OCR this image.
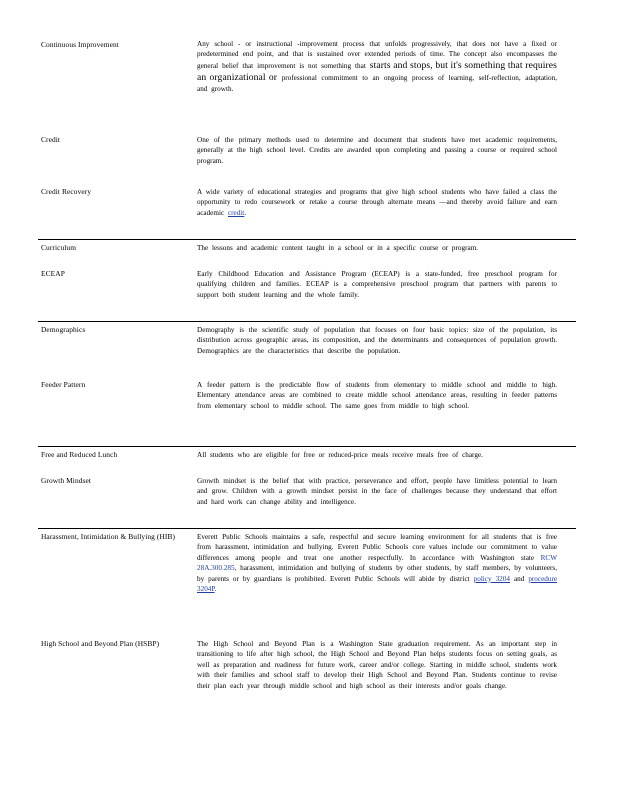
Continuous Improvement	Any school - or instructional -improvement process that unfolds progressively, that does not have a fixed or predetermined end point, and that is sustained over extended periods of time. The concept also encompasses the general belief that improvement is not something that starts and stops, but it's something that requires an organizational or professional commitment to an ongoing process of learning, self-reflection, adaptation, and growth.
Credit	One of the primary methods used to determine and document that students have met academic requirements, generally at the high school level. Credits are awarded upon completing and passing a course or required school program.
Credit Recovery	A wide variety of educational strategies and programs that give high school students who have failed a class the opportunity to redo coursework or retake a course through alternate means —and thereby avoid failure and earn academic credit.
Curriculum	The lessons and academic content taught in a school or in a specific course or program.
ECEAP	Early Childhood Education and Assistance Program (ECEAP) is a state-funded, free preschool program for qualifying children and families. ECEAP is a comprehensive preschool program that partners with parents to support both student learning and the whole family.
Demographics	Demography is the scientific study of population that focuses on four basic topics: size of the population, its distribution across geographic areas, its composition, and the determinants and consequences of population growth. Demographics are the characteristics that describe the population.
Feeder Pattern	A feeder pattern is the predictable flow of students from elementary to middle school and middle to high. Elementary attendance areas are combined to create middle school attendance areas, resulting in feeder patterns from elementary school to middle school. The same goes from middle to high school.
Free and Reduced Lunch	All students who are eligible for free or reduced-price meals receive meals free of charge.
Growth Mindset	Growth mindset is the belief that with practice, perseverance and effort, people have limitless potential to learn and grow. Children with a growth mindset persist in the face of challenges because they understand that effort and hard work can change ability and intelligence.
Harassment, Intimidation & Bullying (HIB)	Everett Public Schools maintains a safe, respectful and secure learning environment for all students that is free from harassment, intimidation and bullying. Everett Public Schools core values include our commitment to value differences among people and treat one another respectfully. In accordance with Washington state RCW 28A.300.285, harassment, intimidation and bullying of students by other students, by staff members, by volunteers, by parents or by guardians is prohibited. Everett Public Schools will abide by district policy 3204 and procedure 3204P.
High School and Beyond Plan (HSBP)	The High School and Beyond Plan is a Washington State graduation requirement. As an important step in transitioning to life after high school, the High School and Beyond Plan helps students focus on setting goals, as well as preparation and readiness for future work, career and/or college. Starting in middle school, students work with their families and school staff to develop their High School and Beyond Plan. Students continue to revise their plan each year through middle school and high school as their interests and/or goals change.
